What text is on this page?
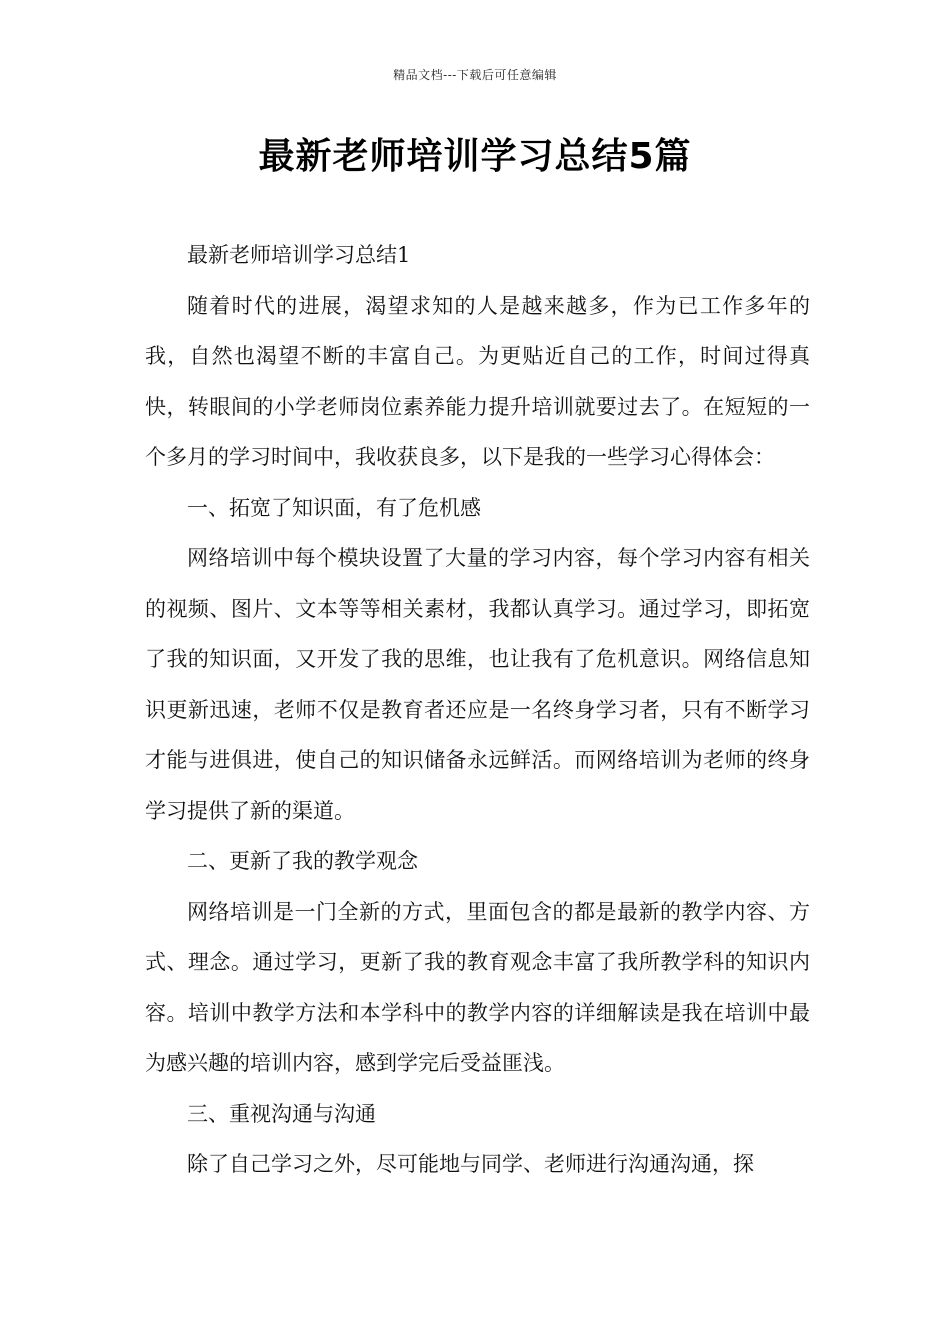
精品文档---下载后可任意编辑
最新老师培训学习总结5篇

最新老师培训学习总结1

随着时代的进展，渴望求知的人是越来越多，作为已工作多年的我，自然也渴望不断的丰富自己。为更贴近自己的工作，时间过得真快，转眼间的小学老师岗位素养能力提升培训就要过去了。在短短的一个多月的学习时间中，我收获良多，以下是我的一些学习心得体会：

一、拓宽了知识面，有了危机感

网络培训中每个模块设置了大量的学习内容，每个学习内容有相关的视频、图片、文本等等相关素材，我都认真学习。通过学习，即拓宽了我的知识面，又开发了我的思维，也让我有了危机意识。网络信息知识更新迅速，老师不仅是教育者还应是一名终身学习者，只有不断学习才能与进俱进，使自己的知识储备永远鲜活。而网络培训为老师的终身学习提供了新的渠道。

二、更新了我的教学观念

网络培训是一门全新的方式，里面包含的都是最新的教学内容、方式、理念。通过学习，更新了我的教育观念丰富了我所教学科的知识内容。培训中教学方法和本学科中的教学内容的详细解读是我在培训中最为感兴趣的培训内容，感到学完后受益匪浅。

三、重视沟通与沟通

除了自己学习之外，尽可能地与同学、老师进行沟通沟通，探
